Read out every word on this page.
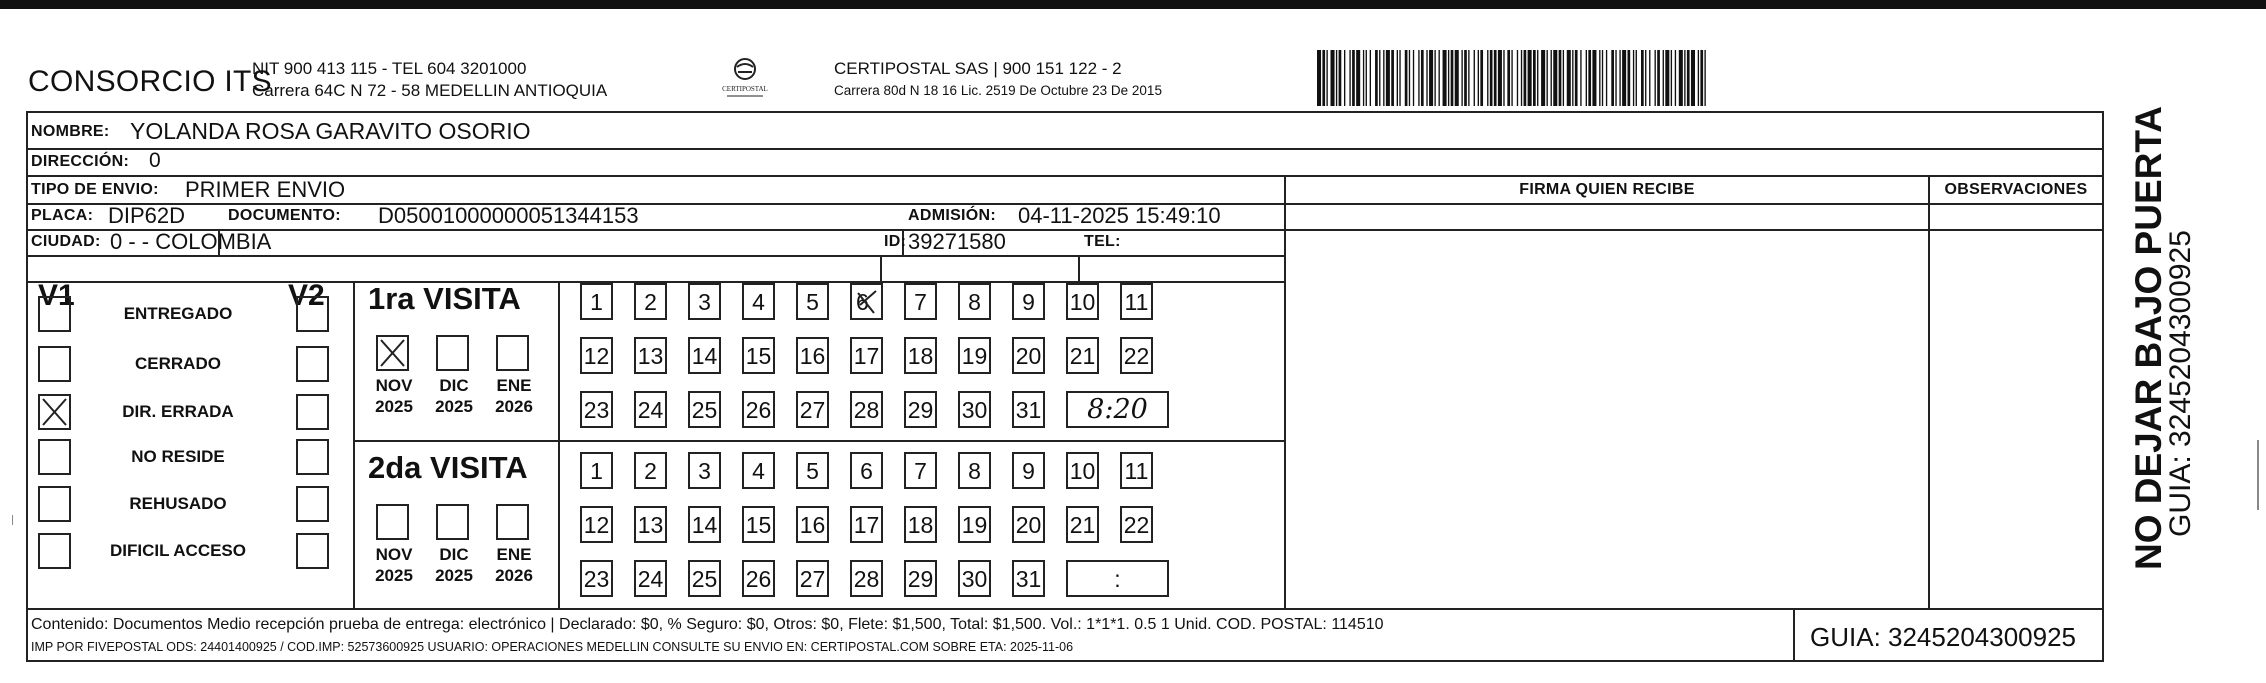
CONSORCIO ITS
NIT 900 413 115 - TEL 604 3201000
Carrera 64C N 72 - 58 MEDELLIN ANTIOQUIA	CERTIPOSTAL
CERTIPOSTAL SAS | 900 151 122 - 2
Carrera 80d N 18 16 Lic. 2519 De Octubre 23 De 2015
NOMBRE: YOLANDA ROSA GARAVITO OSORIO
DIRECCIÓN: 0
TIPO DE ENVIO: PRIMER ENVIO	FIRMA QUIEN RECIBE	OBSERVACIONES
PLACA: DIP62D	DOCUMENTO: D05001000000051344153	ADMISIÓN: 04-11-2025 15:49:10
CIUDAD: 0 - - COLOMBIA	ID: 39271580	TEL:
V1	V2
ENTREGADO
CERRADO
DIR. ERRADA
NO RESIDE
REHUSADO
DIFICIL ACCESO
1ra VISITA
NOV
2025
DIC
2025
ENE
2026
1	2	3	4	5	6	7	8	9	10 11
12 13 14 15 16 17 18 19 20 21 22
23 24 25 26 27 28 29 30 31	8:20
2da VISITA
NOV
2025
DIC
2025
ENE
2026
1	2	3	4	5	6	7	8	9	10 11
12 13 14 15 16 17 18 19 20 21 22
23 24 25 26 27 28 29 30 31	:
Contenido: Documentos Medio recepción prueba de entrega: electrónico | Declarado: $0, % Seguro: $0, Otros: $0, Flete: $1,500, Total: $1,500. Vol.: 1*1*1. 0.5 1 Unid. COD. POSTAL: 114510
IMP POR FIVEPOSTAL ODS: 24401400925 / COD.IMP: 52573600925 USUARIO: OPERACIONES MEDELLIN CONSULTE SU ENVIO EN: CERTIPOSTAL.COM SOBRE ETA: 2025-11-06	GUIA: 3245204300925
NO DEJAR BAJO PUERTA
GUIA: 3245204300925
